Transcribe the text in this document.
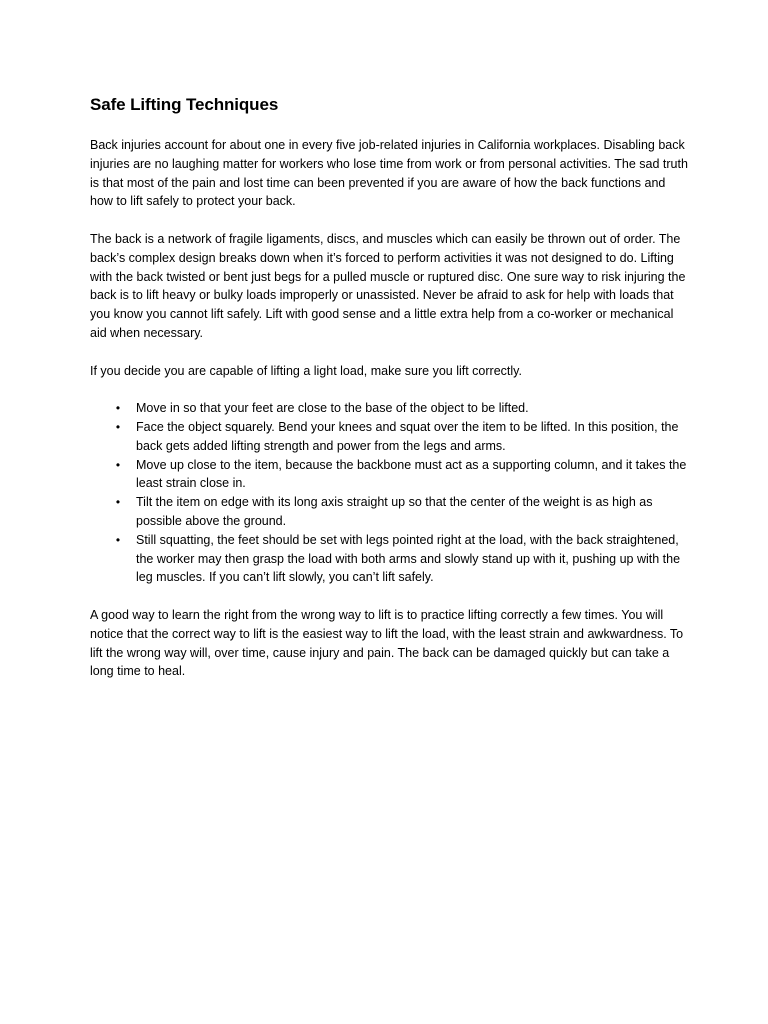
Safe Lifting Techniques

Back injuries account for about one in every five job-related injuries in California workplaces. Disabling back injuries are no laughing matter for workers who lose time from work or from personal activities. The sad truth is that most of the pain and lost time can been prevented if you are aware of how the back functions and how to lift safely to protect your back.

The back is a network of fragile ligaments, discs, and muscles which can easily be thrown out of order. The back’s complex design breaks down when it’s forced to perform activities it was not designed to do. Lifting with the back twisted or bent just begs for a pulled muscle or ruptured disc. One sure way to risk injuring the back is to lift heavy or bulky loads improperly or unassisted. Never be afraid to ask for help with loads that you know you cannot lift safely. Lift with good sense and a little extra help from a co-worker or mechanical aid when necessary.

If you decide you are capable of lifting a light load, make sure you lift correctly.

•	Move in so that your feet are close to the base of the object to be lifted.
•	Face the object squarely. Bend your knees and squat over the item to be lifted. In this position, the back gets added lifting strength and power from the legs and arms.
•	Move up close to the item, because the backbone must act as a supporting column, and it takes the least strain close in.
•	Tilt the item on edge with its long axis straight up so that the center of the weight is as high as possible above the ground.
•	Still squatting, the feet should be set with legs pointed right at the load, with the back straightened, the worker may then grasp the load with both arms and slowly stand up with it, pushing up with the leg muscles. If you can’t lift slowly, you can’t lift safely.

A good way to learn the right from the wrong way to lift is to practice lifting correctly a few times. You will notice that the correct way to lift is the easiest way to lift the load, with the least strain and awkwardness. To lift the wrong way will, over time, cause injury and pain. The back can be damaged quickly but can take a long time to heal.
